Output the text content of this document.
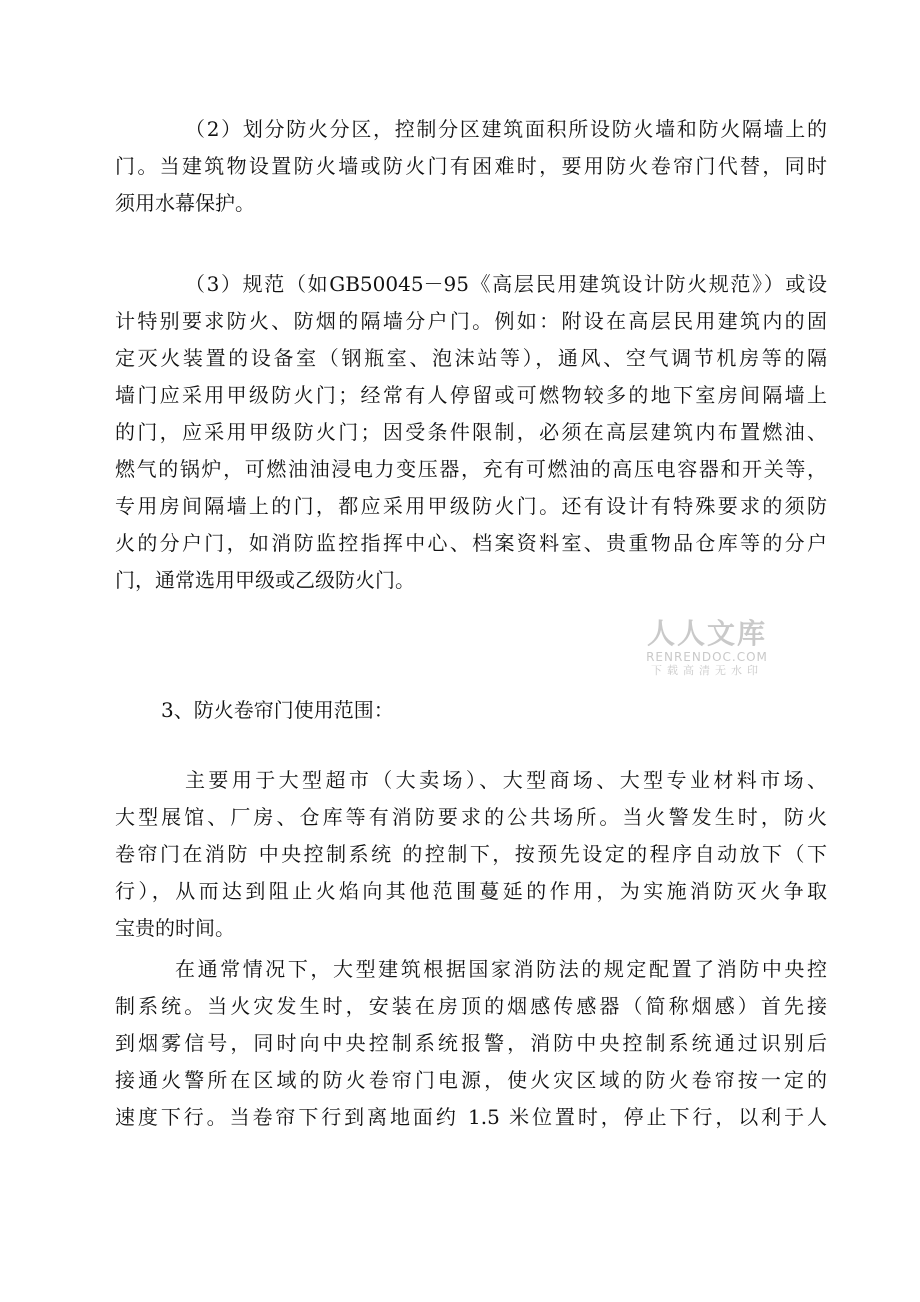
（2）划分防火分区，控制分区建筑面积所设防火墙和防火隔墙上的
门。当建筑物设置防火墙或防火门有困难时，要用防火卷帘门代替，同时
须用水幕保护。

（3）规范（如GB50045－95《高层民用建筑设计防火规范》）或设
计特别要求防火、防烟的隔墙分户门。例如：附设在高层民用建筑内的固
定灭火装置的设备室（钢瓶室、泡沫站等），通风、空气调节机房等的隔
墙门应采用甲级防火门；经常有人停留或可燃物较多的地下室房间隔墙上
的门，应采用甲级防火门；因受条件限制，必须在高层建筑内布置燃油、
燃气的锅炉，可燃油油浸电力变压器，充有可燃油的高压电容器和开关等，
专用房间隔墙上的门，都应采用甲级防火门。还有设计有特殊要求的须防
火的分户门，如消防监控指挥中心、档案资料室、贵重物品仓库等的分户
门，通常选用甲级或乙级防火门。

3、防火卷帘门使用范围：

主要用于大型超市（大卖场）、大型商场、大型专业材料市场、
大型展馆、厂房、仓库等有消防要求的公共场所。当火警发生时，防火
卷帘门在消防 中央控制系统 的控制下，按预先设定的程序自动放下（下
行），从而达到阻止火焰向其他范围蔓延的作用，为实施消防灭火争取
宝贵的时间。

在通常情况下，大型建筑根据国家消防法的规定配置了消防中央控
制系统。当火灾发生时，安装在房顶的烟感传感器（简称烟感）首先接
到烟雾信号，同时向中央控制系统报警，消防中央控制系统通过识别后
接通火警所在区域的防火卷帘门电源，使火灾区域的防火卷帘按一定的
速度下行。当卷帘下行到离地面约 1.5 米位置时，停止下行，以利于人

人人文库
RENRENDOC.COM
下载高清无水印
